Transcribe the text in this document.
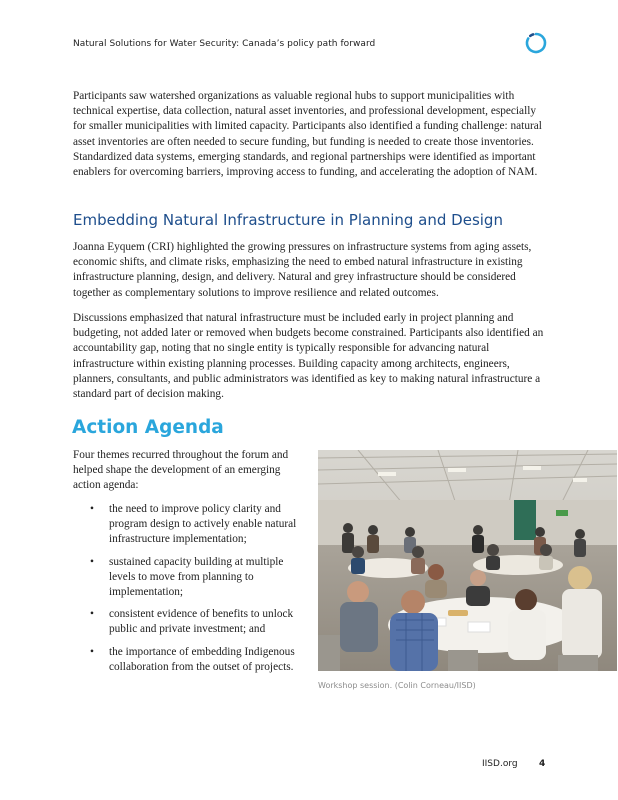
Natural Solutions for Water Security: Canada’s policy path forward

Participants saw watershed organizations as valuable regional hubs to support municipalities with technical expertise, data collection, natural asset inventories, and professional development, especially for smaller municipalities with limited capacity. Participants also identified a funding challenge: natural asset inventories are often needed to secure funding, but funding is needed to create those inventories. Standardized data systems, emerging standards, and regional partnerships were identified as important enablers for overcoming barriers, improving access to funding, and accelerating the adoption of NAM.

Embedding Natural Infrastructure in Planning and Design

Joanna Eyquem (CRI) highlighted the growing pressures on infrastructure systems from aging assets, economic shifts, and climate risks, emphasizing the need to embed natural infrastructure in existing infrastructure planning, design, and delivery. Natural and grey infrastructure should be considered together as complementary solutions to improve resilience and related outcomes.

Discussions emphasized that natural infrastructure must be included early in project planning and budgeting, not added later or removed when budgets become constrained. Participants also identified an accountability gap, noting that no single entity is typically responsible for advancing natural infrastructure within existing planning processes. Building capacity among architects, engineers, planners, consultants, and public administrators was identified as key to making natural infrastructure a standard part of decision making.

Action Agenda

Four themes recurred throughout the forum and helped shape the development of an emerging action agenda:

• the need to improve policy clarity and program design to actively enable natural infrastructure implementation;
• sustained capacity building at multiple levels to move from planning to implementation;
• consistent evidence of benefits to unlock public and private investment; and
• the importance of embedding Indigenous collaboration from the outset of projects.
Workshop session. (Colin Corneau/IISD)
IISD.org 4
